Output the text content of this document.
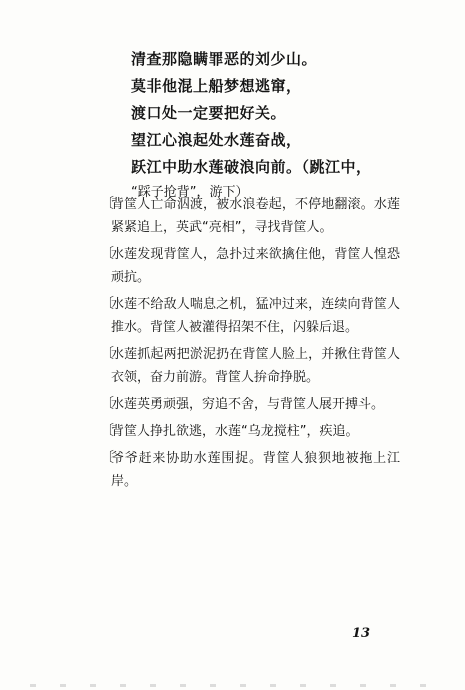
清查那隐瞒罪恶的刘少山。
莫非他混上船梦想逃窜，
渡口处一定要把好关。
望江心浪起处水莲奋战，
跃江中助水莲破浪向前。（跳江中，
“踩子抢背”，游下）
〔
背筐人亡命泅渡，被水浪卷起，不停地翻滚。水莲紧紧追上，英武“亮相”，寻找背筐人。
〔
水莲发现背筐人，急扑过来欲擒住他，背筐人惶恐顽抗。
〔
水莲不给敌人喘息之机，猛冲过来，连续向背筐人推水。背筐人被灌得招架不住，闪躲后退。
〔
水莲抓起两把淤泥扔在背筐人脸上，并揪住背筐人衣领，奋力前游。背筐人拚命挣脱。
〔
水莲英勇顽强，穷追不舍，与背筐人展开搏斗。
〔
背筐人挣扎欲逃，水莲“乌龙搅柱”，疾追。
〔
爷爷赶来协助水莲围捉。背筐人狼狈地被拖上江岸。
13
